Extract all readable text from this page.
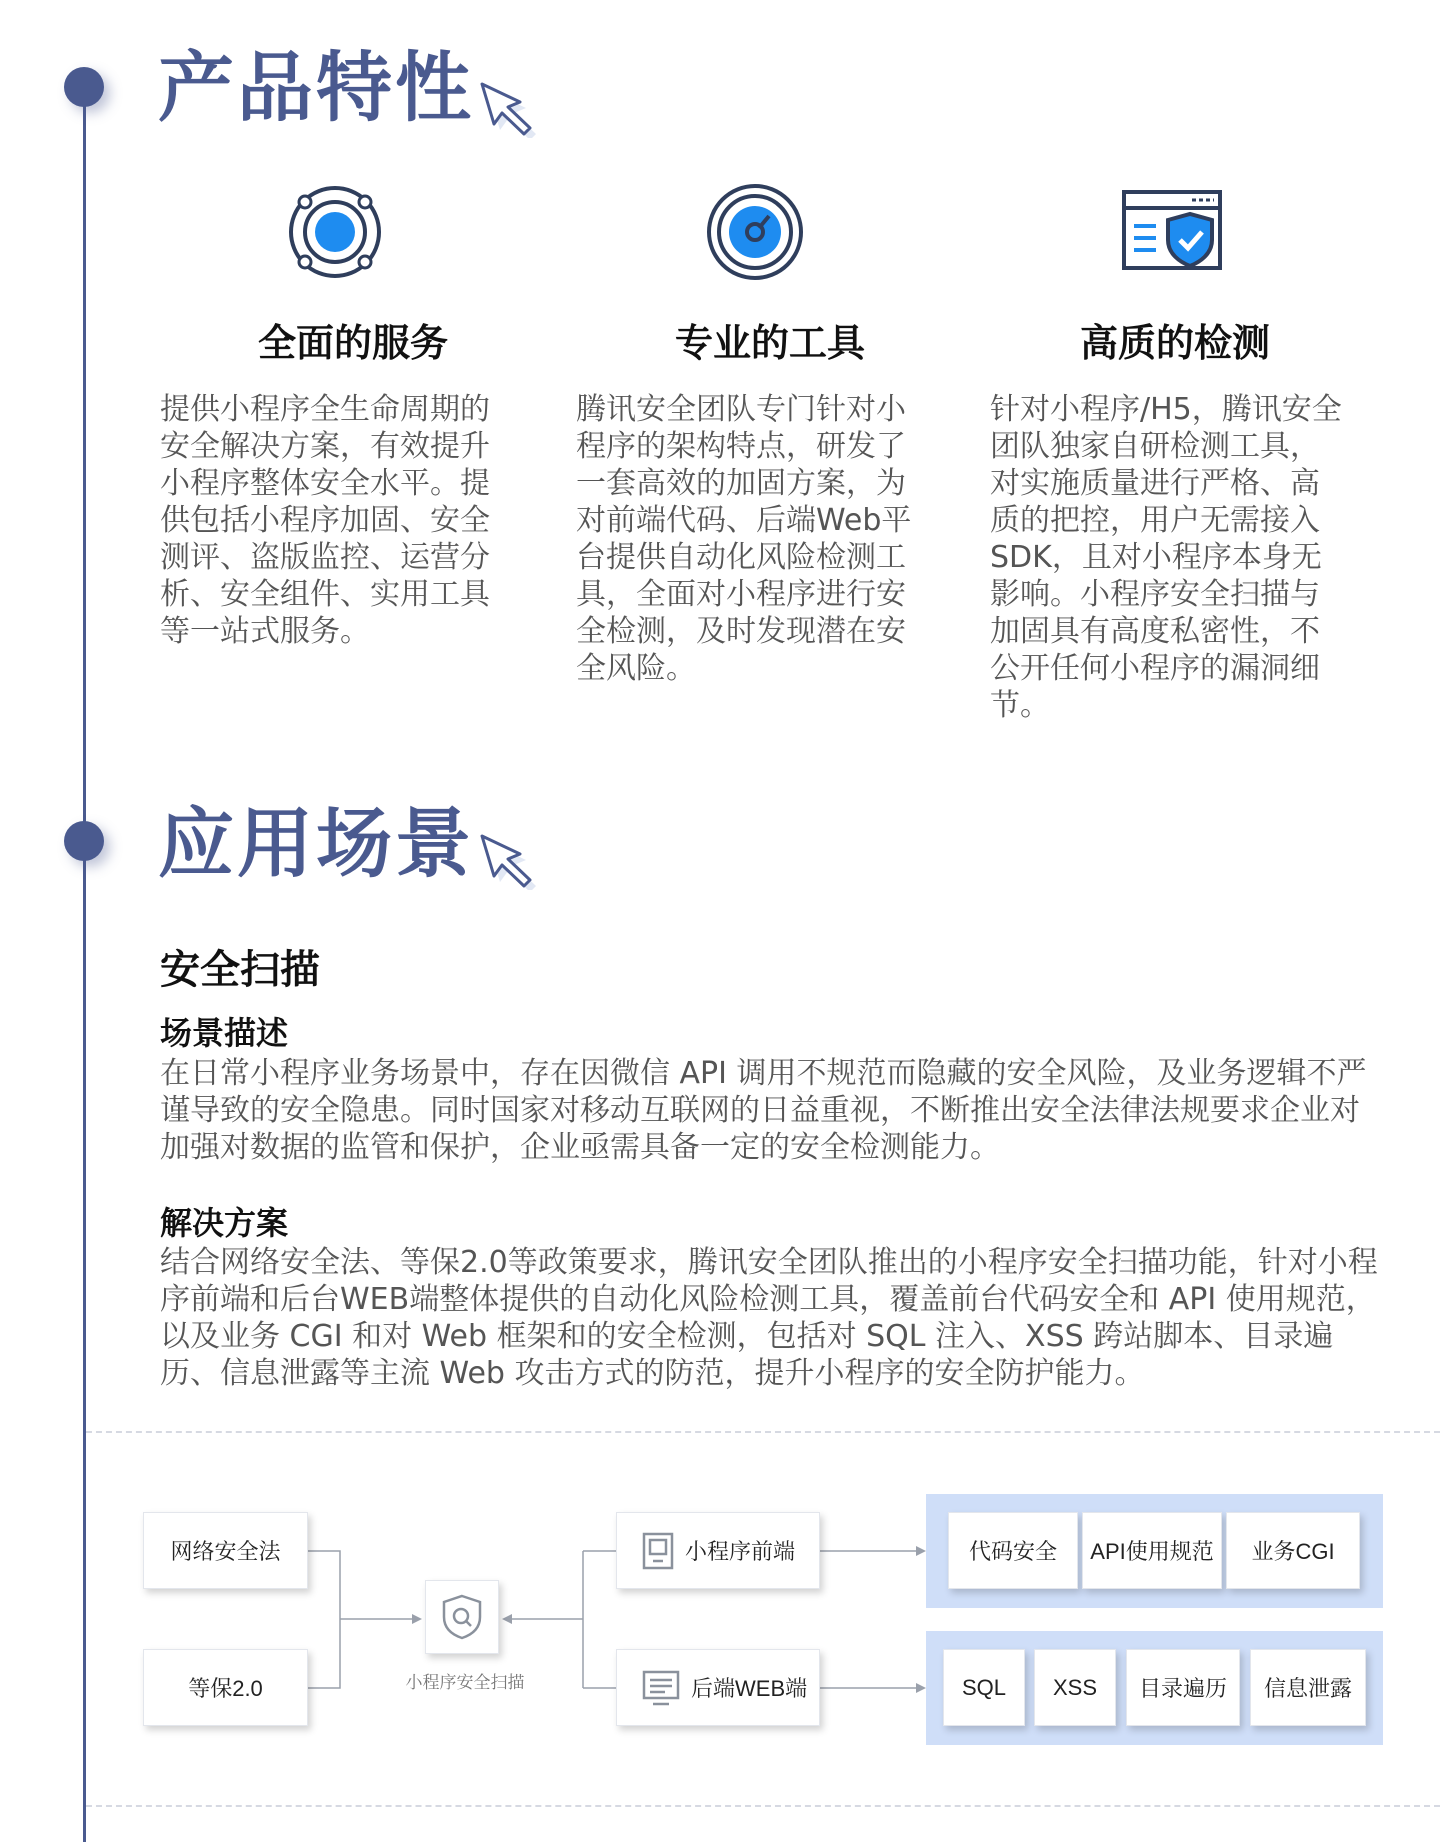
产品特性
全面的服务
提供小程序全生命周期的安全解决方案，有效提升小程序整体安全水平。提供包括小程序加固、安全测评、盗版监控、运营分析、安全组件、实用工具等一站式服务。
专业的工具
腾讯安全团队专门针对小程序的架构特点，研发了一套高效的加固方案，为对前端代码、后端Web平台提供自动化风险检测工具，全面对小程序进行安全检测，及时发现潜在安全风险。
高质的检测
针对小程序/H5，腾讯安全团队独家自研检测工具，对实施质量进行严格、高质的把控，用户无需接入SDK，且对小程序本身无影响。小程序安全扫描与加固具有高度私密性，不公开任何小程序的漏洞细节。
应用场景
安全扫描
场景描述
在日常小程序业务场景中，存在因微信 API 调用不规范而隐藏的安全风险，及业务逻辑不严谨导致的安全隐患。同时国家对移动互联网的日益重视，不断推出安全法律法规要求企业对加强对数据的监管和保护，企业亟需具备一定的安全检测能力。
解决方案
结合网络安全法、等保2.0等政策要求，腾讯安全团队推出的小程序安全扫描功能，针对小程序前端和后台WEB端整体提供的自动化风险检测工具，覆盖前台代码安全和 API 使用规范，以及业务 CGI 和对 Web 框架和的安全检测，包括对 SQL 注入、XSS 跨站脚本、目录遍历、信息泄露等主流 Web 攻击方式的防范，提升小程序的安全防护能力。
网络安全法
等保2.0	小程序安全扫描
小程序前端
后端WEB端
代码安全	API使用规范	业务CGI
SQL	XSS	目录遍历	信息泄露
